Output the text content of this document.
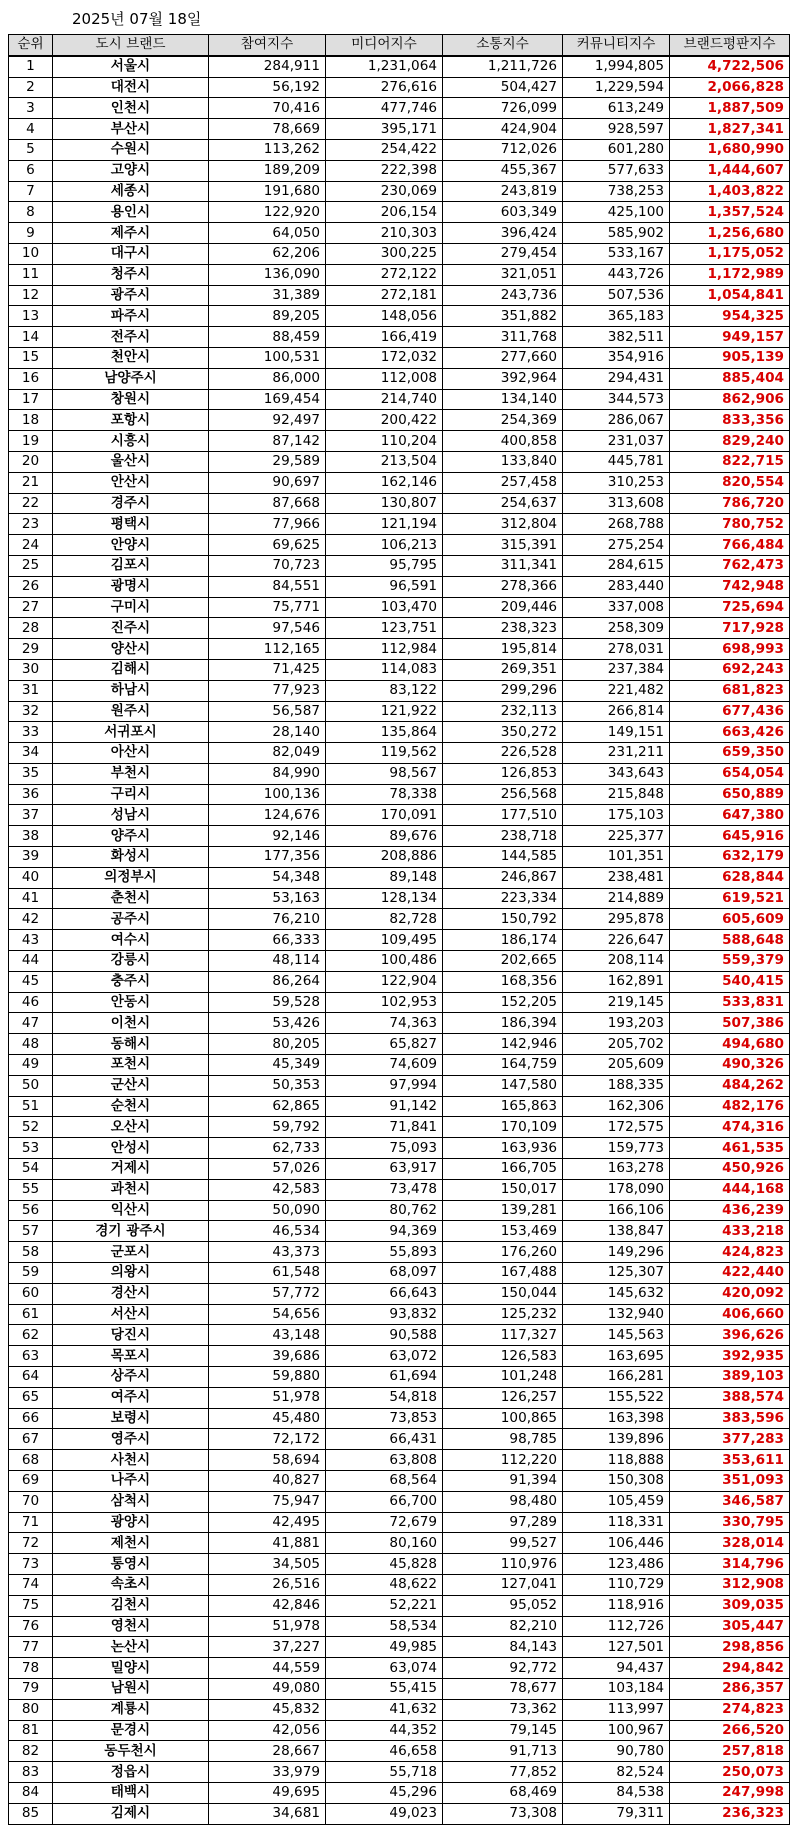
2025년 07월 18일
순위	도시 브랜드	참여지수	미디어지수	소통지수	커뮤니티지수	브랜드평판지수
1	서울시	284,911	1,231,064	1,211,726	1,994,805	4,722,506
2	대전시	56,192	276,616	504,427	1,229,594	2,066,828
3	인천시	70,416	477,746	726,099	613,249	1,887,509
4	부산시	78,669	395,171	424,904	928,597	1,827,341
5	수원시	113,262	254,422	712,026	601,280	1,680,990
6	고양시	189,209	222,398	455,367	577,633	1,444,607
7	세종시	191,680	230,069	243,819	738,253	1,403,822
8	용인시	122,920	206,154	603,349	425,100	1,357,524
9	제주시	64,050	210,303	396,424	585,902	1,256,680
10	대구시	62,206	300,225	279,454	533,167	1,175,052
11	청주시	136,090	272,122	321,051	443,726	1,172,989
12	광주시	31,389	272,181	243,736	507,536	1,054,841
13	파주시	89,205	148,056	351,882	365,183	954,325
14	전주시	88,459	166,419	311,768	382,511	949,157
15	천안시	100,531	172,032	277,660	354,916	905,139
16	남양주시	86,000	112,008	392,964	294,431	885,404
17	창원시	169,454	214,740	134,140	344,573	862,906
18	포항시	92,497	200,422	254,369	286,067	833,356
19	시흥시	87,142	110,204	400,858	231,037	829,240
20	울산시	29,589	213,504	133,840	445,781	822,715
21	안산시	90,697	162,146	257,458	310,253	820,554
22	경주시	87,668	130,807	254,637	313,608	786,720
23	평택시	77,966	121,194	312,804	268,788	780,752
24	안양시	69,625	106,213	315,391	275,254	766,484
25	김포시	70,723	95,795	311,341	284,615	762,473
26	광명시	84,551	96,591	278,366	283,440	742,948
27	구미시	75,771	103,470	209,446	337,008	725,694
28	진주시	97,546	123,751	238,323	258,309	717,928
29	양산시	112,165	112,984	195,814	278,031	698,993
30	김해시	71,425	114,083	269,351	237,384	692,243
31	하남시	77,923	83,122	299,296	221,482	681,823
32	원주시	56,587	121,922	232,113	266,814	677,436
33	서귀포시	28,140	135,864	350,272	149,151	663,426
34	아산시	82,049	119,562	226,528	231,211	659,350
35	부천시	84,990	98,567	126,853	343,643	654,054
36	구리시	100,136	78,338	256,568	215,848	650,889
37	성남시	124,676	170,091	177,510	175,103	647,380
38	양주시	92,146	89,676	238,718	225,377	645,916
39	화성시	177,356	208,886	144,585	101,351	632,179
40	의정부시	54,348	89,148	246,867	238,481	628,844
41	춘천시	53,163	128,134	223,334	214,889	619,521
42	공주시	76,210	82,728	150,792	295,878	605,609
43	여수시	66,333	109,495	186,174	226,647	588,648
44	강릉시	48,114	100,486	202,665	208,114	559,379
45	충주시	86,264	122,904	168,356	162,891	540,415
46	안동시	59,528	102,953	152,205	219,145	533,831
47	이천시	53,426	74,363	186,394	193,203	507,386
48	동해시	80,205	65,827	142,946	205,702	494,680
49	포천시	45,349	74,609	164,759	205,609	490,326
50	군산시	50,353	97,994	147,580	188,335	484,262
51	순천시	62,865	91,142	165,863	162,306	482,176
52	오산시	59,792	71,841	170,109	172,575	474,316
53	안성시	62,733	75,093	163,936	159,773	461,535
54	거제시	57,026	63,917	166,705	163,278	450,926
55	과천시	42,583	73,478	150,017	178,090	444,168
56	익산시	50,090	80,762	139,281	166,106	436,239
57	경기 광주시	46,534	94,369	153,469	138,847	433,218
58	군포시	43,373	55,893	176,260	149,296	424,823
59	의왕시	61,548	68,097	167,488	125,307	422,440
60	경산시	57,772	66,643	150,044	145,632	420,092
61	서산시	54,656	93,832	125,232	132,940	406,660
62	당진시	43,148	90,588	117,327	145,563	396,626
63	목포시	39,686	63,072	126,583	163,695	392,935
64	상주시	59,880	61,694	101,248	166,281	389,103
65	여주시	51,978	54,818	126,257	155,522	388,574
66	보령시	45,480	73,853	100,865	163,398	383,596
67	영주시	72,172	66,431	98,785	139,896	377,283
68	사천시	58,694	63,808	112,220	118,888	353,611
69	나주시	40,827	68,564	91,394	150,308	351,093
70	삼척시	75,947	66,700	98,480	105,459	346,587
71	광양시	42,495	72,679	97,289	118,331	330,795
72	제천시	41,881	80,160	99,527	106,446	328,014
73	통영시	34,505	45,828	110,976	123,486	314,796
74	속초시	26,516	48,622	127,041	110,729	312,908
75	김천시	42,846	52,221	95,052	118,916	309,035
76	영천시	51,978	58,534	82,210	112,726	305,447
77	논산시	37,227	49,985	84,143	127,501	298,856
78	밀양시	44,559	63,074	92,772	94,437	294,842
79	남원시	49,080	55,415	78,677	103,184	286,357
80	계룡시	45,832	41,632	73,362	113,997	274,823
81	문경시	42,056	44,352	79,145	100,967	266,520
82	동두천시	28,667	46,658	91,713	90,780	257,818
83	정읍시	33,979	55,718	77,852	82,524	250,073
84	태백시	49,695	45,296	68,469	84,538	247,998
85	김제시	34,681	49,023	73,308	79,311	236,323
